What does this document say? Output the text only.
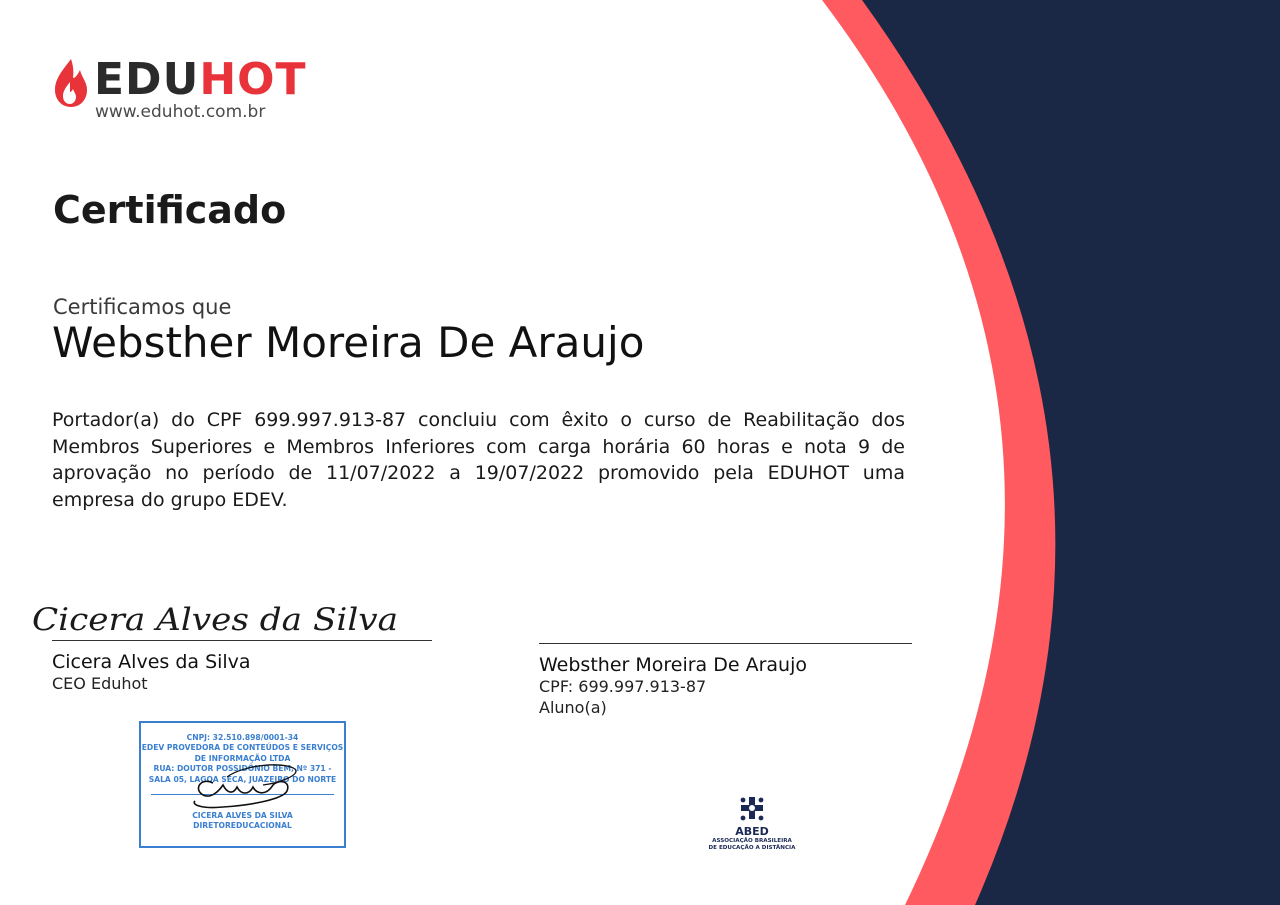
EDUHOT
www.eduhot.com.br
Certificado
Certificamos que
Websther Moreira De Araujo
Portador(a) do CPF 699.997.913-87 concluiu com êxito o curso de Reabilitação dos Membros Superiores e Membros Inferiores com carga horária 60 horas e nota 9 de aprovação no período de 11/07/2022 a 19/07/2022 promovido pela EDUHOT uma empresa do grupo EDEV.
Cicera Alves da Silva
Cicera Alves da Silva
CEO Eduhot
Websther Moreira De Araujo
CPF: 699.997.913-87
Aluno(a)
CNPJ: 32.510.898/0001-34
EDEV PROVEDORA DE CONTEÚDOS E SERVIÇOS
DE INFORMAÇÃO LTDA
RUA: DOUTOR POSSIDÔNIO BEM, Nº 371 -
SALA 05, LAGOA SECA, JUAZEIRO DO NORTE
CICERA ALVES DA SILVA
DIRETOREDUCACIONAL	ABED
ASSOCIAÇÃO BRASILEIRA
DE EDUCAÇÃO A DISTÂNCIA
